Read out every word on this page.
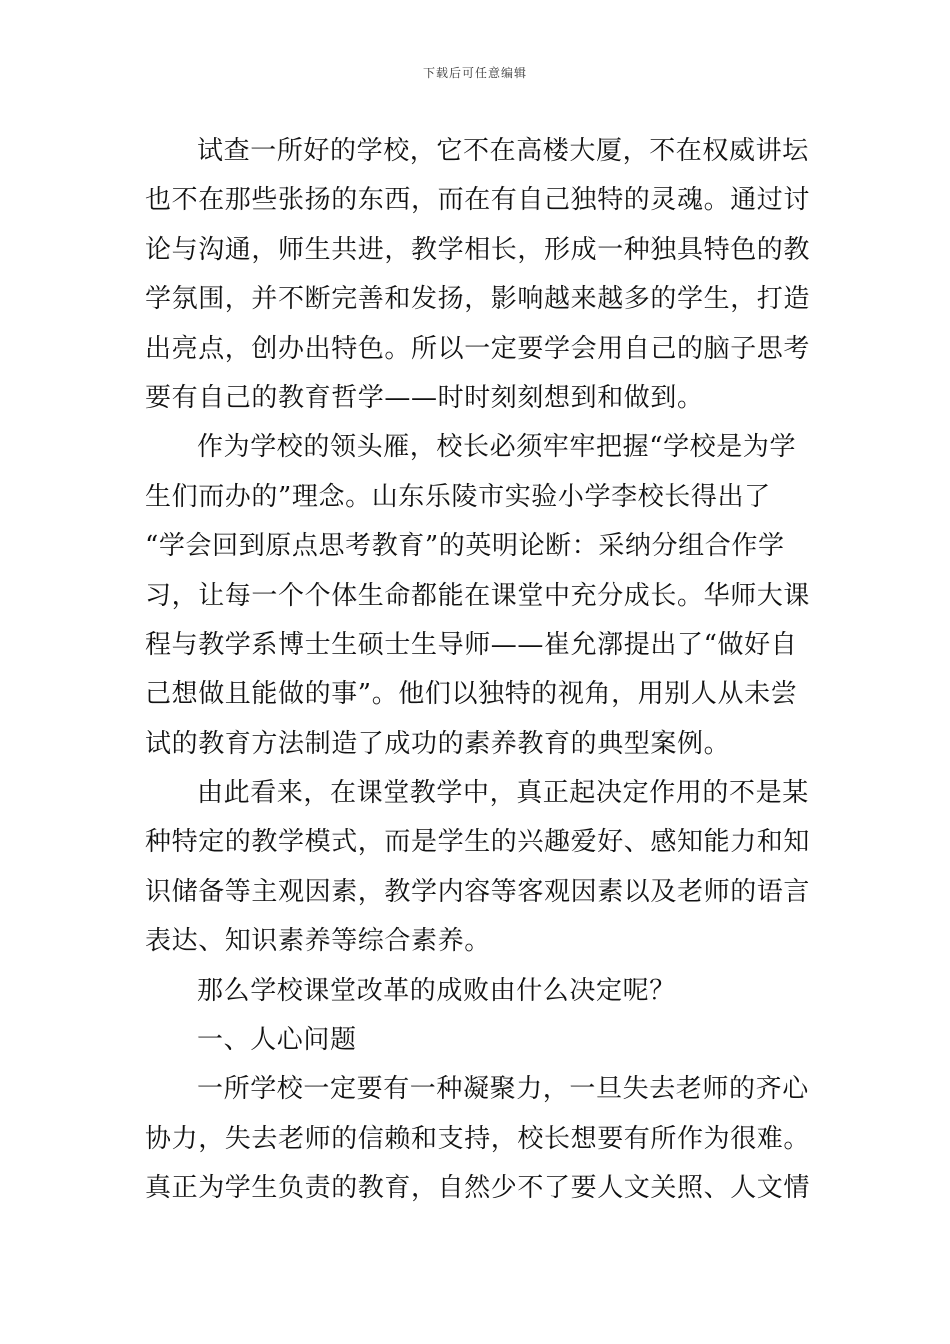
下载后可任意编辑
试查一所好的学校，它不在高楼大厦，不在权威讲坛
也不在那些张扬的东西，而在有自己独特的灵魂。通过讨
论与沟通，师生共进，教学相长，形成一种独具特色的教
学氛围，并不断完善和发扬，影响越来越多的学生，打造
出亮点，创办出特色。所以一定要学会用自己的脑子思考
要有自己的教育哲学——时时刻刻想到和做到。
作为学校的领头雁，校长必须牢牢把握“学校是为学
生们而办的”理念。山东乐陵市实验小学李校长得出了
“学会回到原点思考教育”的英明论断：采纳分组合作学
习，让每一个个体生命都能在课堂中充分成长。华师大课
程与教学系博士生硕士生导师——崔允漷提出了“做好自
己想做且能做的事”。他们以独特的视角，用别人从未尝
试的教育方法制造了成功的素养教育的典型案例。
由此看来，在课堂教学中，真正起决定作用的不是某
种特定的教学模式，而是学生的兴趣爱好、感知能力和知
识储备等主观因素，教学内容等客观因素以及老师的语言
表达、知识素养等综合素养。
那么学校课堂改革的成败由什么决定呢？
一、人心问题
一所学校一定要有一种凝聚力，一旦失去老师的齐心
协力，失去老师的信赖和支持，校长想要有所作为很难。
真正为学生负责的教育，自然少不了要人文关照、人文情
